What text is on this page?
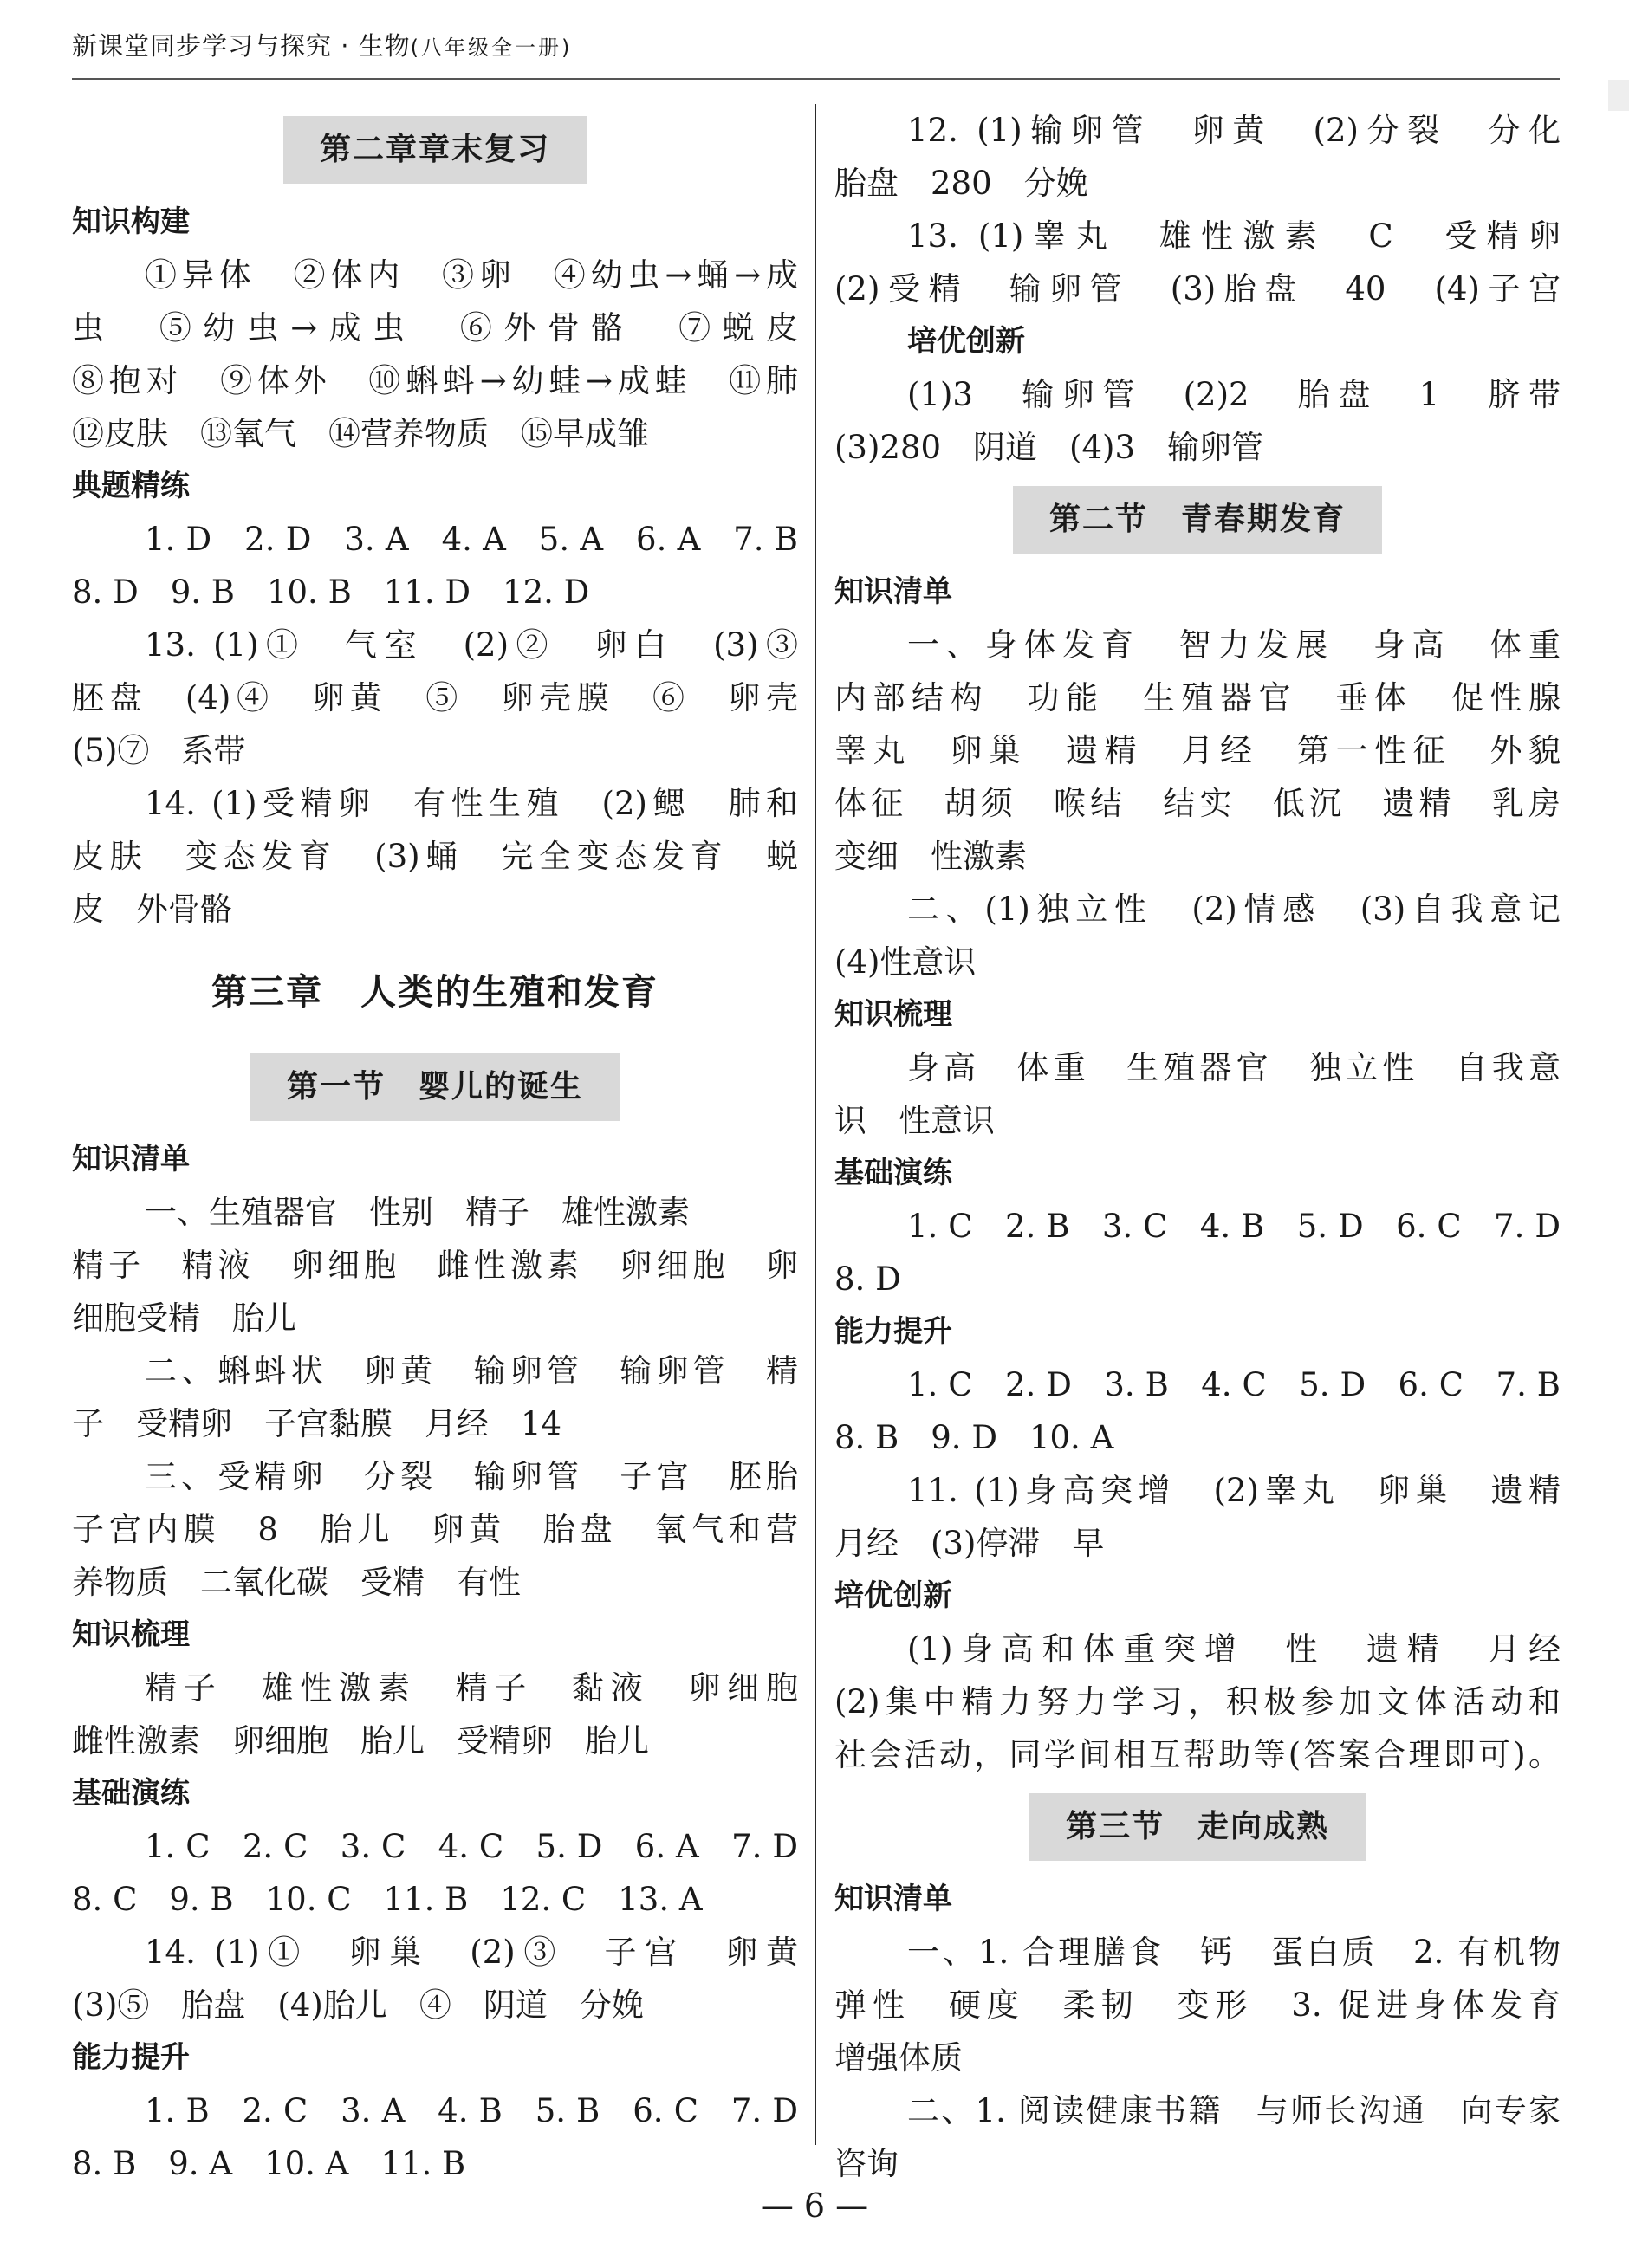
新课堂同步学习与探究 · 生物(八年级全一册)
第二章章末复习
知识构建
①异体　②体内　③卵　④幼虫→蛹→成
虫　⑤幼虫→成虫　⑥外骨骼　⑦蜕皮
⑧抱对　⑨体外　⑩蝌蚪→幼蛙→成蛙　⑪肺
⑫皮肤　⑬氧气　⑭营养物质　⑮早成雏
典题精练
1. D　2. D　3. A　4. A　5. A　6. A　7. B
8. D　9. B　10. B　11. D　12. D
13. (1)①　气室　(2)②　卵白　(3)③
胚盘　(4)④　卵黄　⑤　卵壳膜　⑥　卵壳
(5)⑦　系带
14. (1)受精卵　有性生殖　(2)鳃　肺和
皮肤　变态发育　(3)蛹　完全变态发育　蜕
皮　外骨骼
第三章　人类的生殖和发育
第一节　婴儿的诞生
知识清单
一、生殖器官　性别　精子　雄性激素
精子　精液　卵细胞　雌性激素　卵细胞　卵
细胞受精　胎儿
二、蝌蚪状　卵黄　输卵管　输卵管　精
子　受精卵　子宫黏膜　月经　14
三、受精卵　分裂　输卵管　子宫　胚胎
子宫内膜　8　胎儿　卵黄　胎盘　氧气和营
养物质　二氧化碳　受精　有性
知识梳理
精子　雄性激素　精子　黏液　卵细胞
雌性激素　卵细胞　胎儿　受精卵　胎儿
基础演练
1. C　2. C　3. C　4. C　5. D　6. A　7. D
8. C　9. B　10. C　11. B　12. C　13. A
14. (1)①　卵巢　(2)③　子宫　卵黄
(3)⑤　胎盘　(4)胎儿　④　阴道　分娩
能力提升
1. B　2. C　3. A　4. B　5. B　6. C　7. D
8. B　9. A　10. A　11. B
12. (1)输卵管　卵黄　(2)分裂　分化
胎盘　280　分娩
13. (1)睾丸　雄性激素　C　受精卵
(2)受精　输卵管　(3)胎盘　40　(4)子宫
培优创新
(1)3　输卵管　(2)2　胎盘　1　脐带
(3)280　阴道　(4)3　输卵管
第二节　青春期发育
知识清单
一、身体发育　智力发展　身高　体重
内部结构　功能　生殖器官　垂体　促性腺
睾丸　卵巢　遗精　月经　第一性征　外貌
体征　胡须　喉结　结实　低沉　遗精　乳房
变细　性激素
二、(1)独立性　(2)情感　(3)自我意记
(4)性意识
知识梳理
身高　体重　生殖器官　独立性　自我意
识　性意识
基础演练
1. C　2. B　3. C　4. B　5. D　6. C　7. D
8. D
能力提升
1. C　2. D　3. B　4. C　5. D　6. C　7. B
8. B　9. D　10. A
11. (1)身高突增　(2)睾丸　卵巢　遗精
月经　(3)停滞　早
培优创新
(1)身高和体重突增　性　遗精　月经
(2)集中精力努力学习，积极参加文体活动和
社会活动，同学间相互帮助等(答案合理即可)。
第三节　走向成熟
知识清单
一、1. 合理膳食　钙　蛋白质　2. 有机物
弹性　硬度　柔韧　变形　3. 促进身体发育
增强体质
二、1. 阅读健康书籍　与师长沟通　向专家
咨询
— 6 —
